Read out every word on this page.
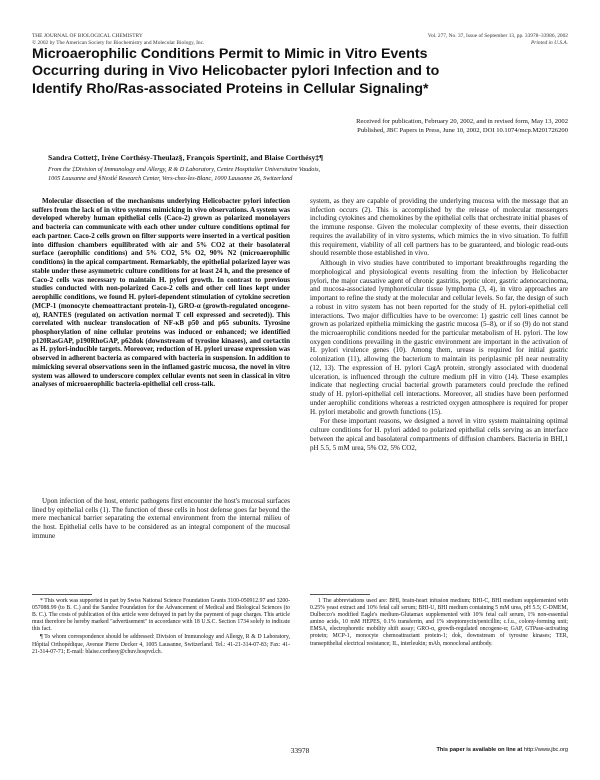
THE JOURNAL OF BIOLOGICAL CHEMISTRY
© 2002 by The American Society for Biochemistry and Molecular Biology, Inc.
Vol. 277, No. 37, Issue of September 13, pp. 33978–33986, 2002
Printed in U.S.A.
Microaerophilic Conditions Permit to Mimic in Vitro Events
Occurring during in Vivo Helicobacter pylori Infection and to
Identify Rho/Ras-associated Proteins in Cellular Signaling*
Received for publication, February 20, 2002, and in revised form, May 13, 2002
Published, JBC Papers in Press, June 10, 2002, DOI 10.1074/mcp.M201726200
Sandra Cottet‡, Irène Corthésy-Theulaz§, François Spertini‡, and Blaise Corthésy‡¶
From the ‡Division of Immunology and Allergy, R & D Laboratory, Centre Hospitalier Universitaire Vaudois,
1005 Lausanne and §Nestlé Research Center, Vers-chez-les-Blanc, 1000 Lausanne 26, Switzerland

Molecular dissection of the mechanisms underlying Helicobacter pylori infection suffers from the lack of in vitro systems mimicking in vivo observations. A system was developed whereby human epithelial cells (Caco-2) grown as polarized monolayers and bacteria can communicate with each other under culture conditions optimal for each partner. Caco-2 cells grown on filter supports were inserted in a vertical position into diffusion chambers equilibrated with air and 5% CO2 at their basolateral surface (aerophilic conditions) and 5% CO2, 5% O2, 90% N2 (microaerophilic conditions) in the apical compartment. Remarkably, the epithelial polarized layer was stable under these asymmetric culture conditions for at least 24 h, and the presence of Caco-2 cells was necessary to maintain H. pylori growth. In contrast to previous studies conducted with non-polarized Caco-2 cells and other cell lines kept under aerophilic conditions, we found H. pylori-dependent stimulation of cytokine secretion (MCP-1 (monocyte chemoattractant protein-1), GRO-α (growth-regulated oncogene-α), RANTES (regulated on activation normal T cell expressed and secreted)). This correlated with nuclear translocation of NF-κB p50 and p65 subunits. Tyrosine phosphorylation of nine cellular proteins was induced or enhanced; we identified p120RasGAP, p190RhoGAP, p62dok (downstream of tyrosine kinases), and cortactin as H. pylori-inducible targets. Moreover, reduction of H. pylori urease expression was observed in adherent bacteria as compared with bacteria in suspension. In addition to mimicking several observations seen in the inflamed gastric mucosa, the novel in vitro system was allowed to underscore complex cellular events not seen in classical in vitro analyses of microaerophilic bacteria-epithelial cell cross-talk.

Upon infection of the host, enteric pathogens first encounter the host's mucosal surfaces lined by epithelial cells (1). The function of these cells in host defense goes far beyond the mere mechanical barrier separating the external environment from the internal milieu of the host. Epithelial cells have to be considered as an integral component of the mucosal immune

* This work was supported in part by Swiss National Science Foundation Grants 3100-050912.97 and 3200-057088.99 (to B. C.) and the Sandoz Foundation for the Advancement of Medical and Biological Sciences (to B. C.). The costs of publication of this article were defrayed in part by the payment of page charges. This article must therefore be hereby marked "advertisement" in accordance with 18 U.S.C. Section 1734 solely to indicate this fact.

¶ To whom correspondence should be addressed: Division of Immunology and Allergy, R & D Laboratory, Hôpital Orthopédique, Avenue Pierre Decker 4, 1005 Lausanne, Switzerland. Tel.: 41-21-314-07-83; Fax: 41-21-314-07-71; E-mail: blaise.corthesy@chuv.hospvd.ch.

system, as they are capable of providing the underlying mucosa with the message that an infection occurs (2). This is accomplished by the release of molecular messengers including cytokines and chemokines by the epithelial cells that orchestrate initial phases of the immune response. Given the molecular complexity of these events, their dissection requires the availability of in vitro systems, which mimics the in vivo situation. To fulfill this requirement, viability of all cell partners has to be guaranteed, and biologic read-outs should resemble those established in vivo.

Although in vivo studies have contributed to important breakthroughs regarding the morphological and physiological events resulting from the infection by Helicobacter pylori, the major causative agent of chronic gastritis, peptic ulcer, gastric adenocarcinoma, and mucosa-associated lymphoreticular tissue lymphoma (3, 4), in vitro approaches are important to refine the study at the molecular and cellular levels. So far, the design of such a robust in vitro system has not been reported for the study of H. pylori-epithelial cell interactions. Two major difficulties have to be overcome: 1) gastric cell lines cannot be grown as polarized epithelia mimicking the gastric mucosa (5–8), or if so (9) do not stand the microaerophilic conditions needed for the particular metabolism of H. pylori. The low oxygen conditions prevailing in the gastric environment are important in the activation of H. pylori virulence genes (10). Among them, urease is required for initial gastric colonization (11), allowing the bacterium to maintain its periplasmic pH near neutrality (12, 13). The expression of H. pylori CagA protein, strongly associated with duodenal ulceration, is influenced through the culture medium pH in vitro (14). These examples indicate that neglecting crucial bacterial growth parameters could preclude the refined study of H. pylori-epithelial cell interactions. Moreover, all studies have been performed under aerophilic conditions whereas a restricted oxygen atmosphere is required for proper H. pylori metabolic and growth functions (15).

For these important reasons, we designed a novel in vitro system maintaining optimal culture conditions for H. pylori added to polarized epithelial cells serving as an interface between the apical and basolateral compartments of diffusion chambers. Bacteria in BHI,1 pH 5.5, 5 mM urea, 5% O2, 5% CO2,

1 The abbreviations used are: BHI, brain-heart infusion medium; BHI-C, BHI medium supplemented with 0.25% yeast extract and 10% fetal calf serum; BHI-U, BHI medium containing 5 mM urea, pH 5.5; C-DMEM, Dulbecco's modified Eagle's medium-Glutamax supplemented with 10% fetal calf serum, 1% non-essential amino acids, 10 mM HEPES, 0.1% transferrin, and 1% streptomycin/penicillin; c.f.u., colony-forming unit; EMSA, electrophoretic mobility shift assay; GRO-α, growth-regulated oncogene-α; GAP, GTPase-activating protein; MCP-1, monocyte chemoattractant protein-1; dok, downstream of tyrosine kinases; TER, transepithelial electrical resistance; IL, interleukin; mAb, monoclonal antibody.

33978	This paper is available on line at http://www.jbc.org
